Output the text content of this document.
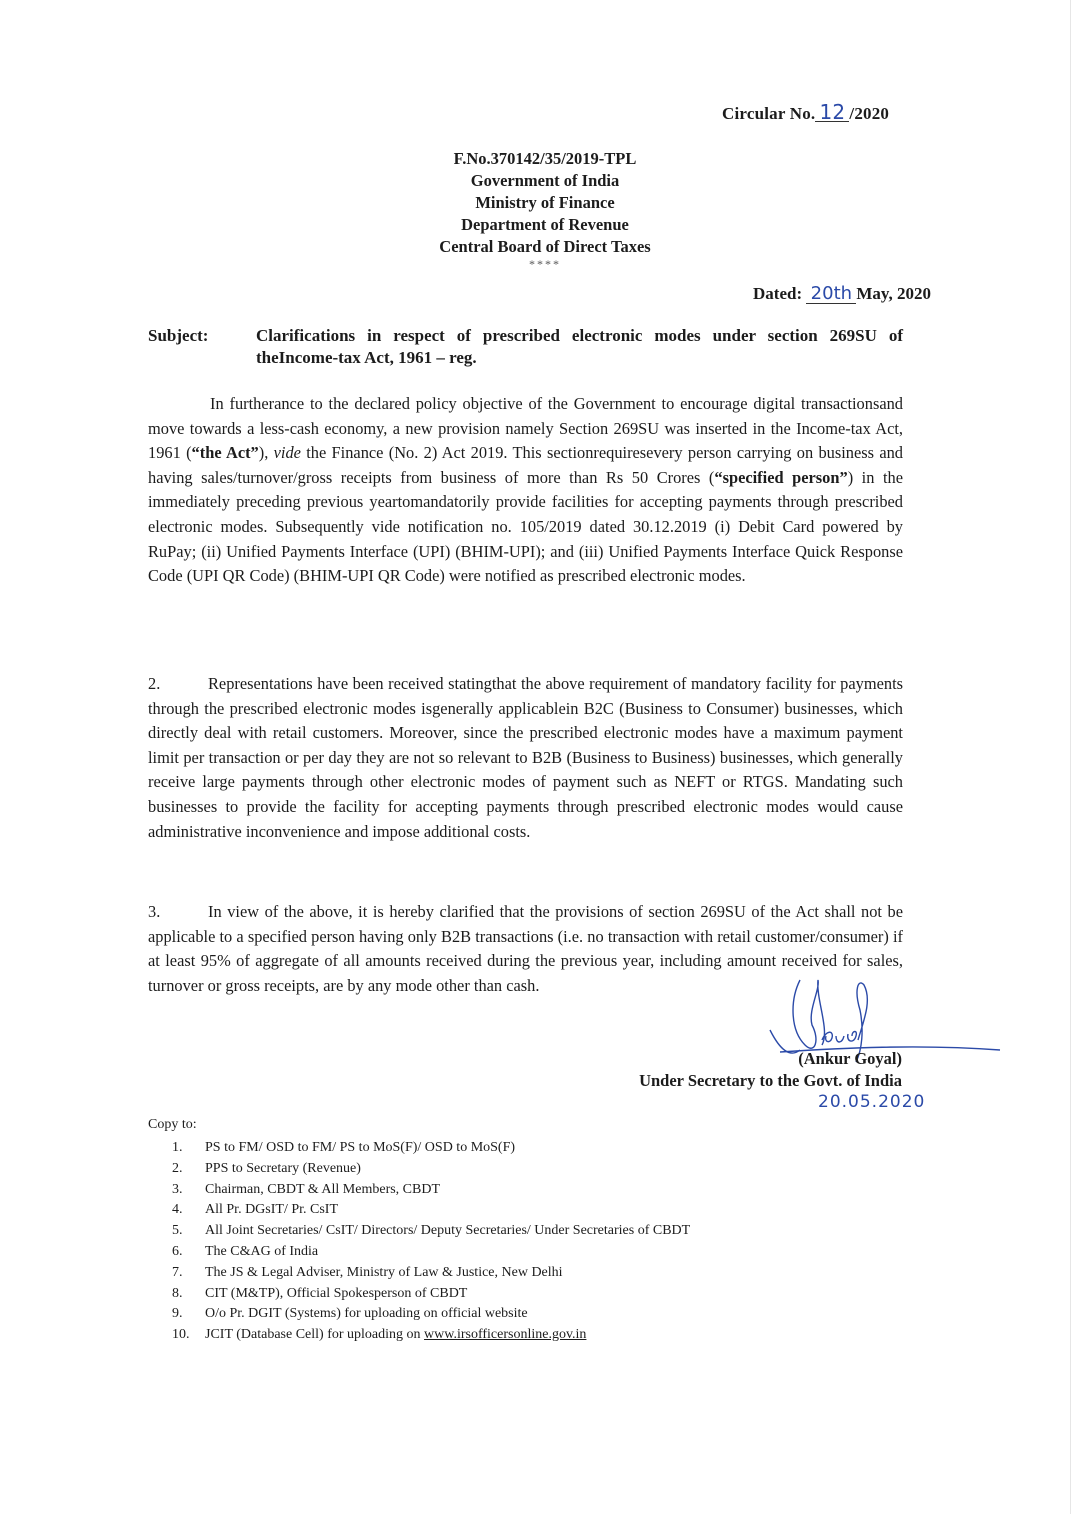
Circular No. 12 /2020
F.No.370142/35/2019-TPL
Government of India
Ministry of Finance
Department of Revenue
Central Board of Direct Taxes
****
Dated: 20th May, 2020
Subject:	Clarifications in respect of prescribed electronic modes under section 269SU of theIncome-tax Act, 1961 – reg.
In furtherance to the declared policy objective of the Government to encourage digital transactionsand move towards a less-cash economy, a new provision namely Section 269SU was inserted in the Income-tax Act, 1961 (“the Act”), vide the Finance (No. 2) Act 2019. This sectionrequiresevery person carrying on business and having sales/turnover/gross receipts from business of more than Rs 50 Crores (“specified person”) in the immediately preceding previous yeartomandatorily provide facilities for accepting payments through prescribed electronic modes. Subsequently vide notification no. 105/2019 dated 30.12.2019 (i) Debit Card powered by RuPay; (ii) Unified Payments Interface (UPI) (BHIM-UPI); and (iii) Unified Payments Interface Quick Response Code (UPI QR Code) (BHIM-UPI QR Code) were notified as prescribed electronic modes.
2.	Representations have been received statingthat the above requirement of mandatory facility for payments through the prescribed electronic modes isgenerally applicablein B2C (Business to Consumer) businesses, which directly deal with retail customers. Moreover, since the prescribed electronic modes have a maximum payment limit per transaction or per day they are not so relevant to B2B (Business to Business) businesses, which generally receive large payments through other electronic modes of payment such as NEFT or RTGS. Mandating such businesses to provide the facility for accepting payments through prescribed electronic modes would cause administrative inconvenience and impose additional costs.
3.	In view of the above, it is hereby clarified that the provisions of section 269SU of the Act shall not be applicable to a specified person having only B2B transactions (i.e. no transaction with retail customer/consumer) if at least 95% of aggregate of all amounts received during the previous year, including amount received for sales, turnover or gross receipts, are by any mode other than cash.
(Ankur Goyal)
Under Secretary to the Govt. of India
20.05.2020
Copy to:
1.	PS to FM/ OSD to FM/ PS to MoS(F)/ OSD to MoS(F)
2.	PPS to Secretary (Revenue)
3.	Chairman, CBDT & All Members, CBDT
4.	All Pr. DGsIT/ Pr. CsIT
5.	All Joint Secretaries/ CsIT/ Directors/ Deputy Secretaries/ Under Secretaries of CBDT
6.	The C&AG of India
7.	The JS & Legal Adviser, Ministry of Law & Justice, New Delhi
8.	CIT (M&TP), Official Spokesperson of CBDT
9.	O/o Pr. DGIT (Systems) for uploading on official website
10.	JCIT (Database Cell) for uploading on
www.irsofficersonline.gov.in
